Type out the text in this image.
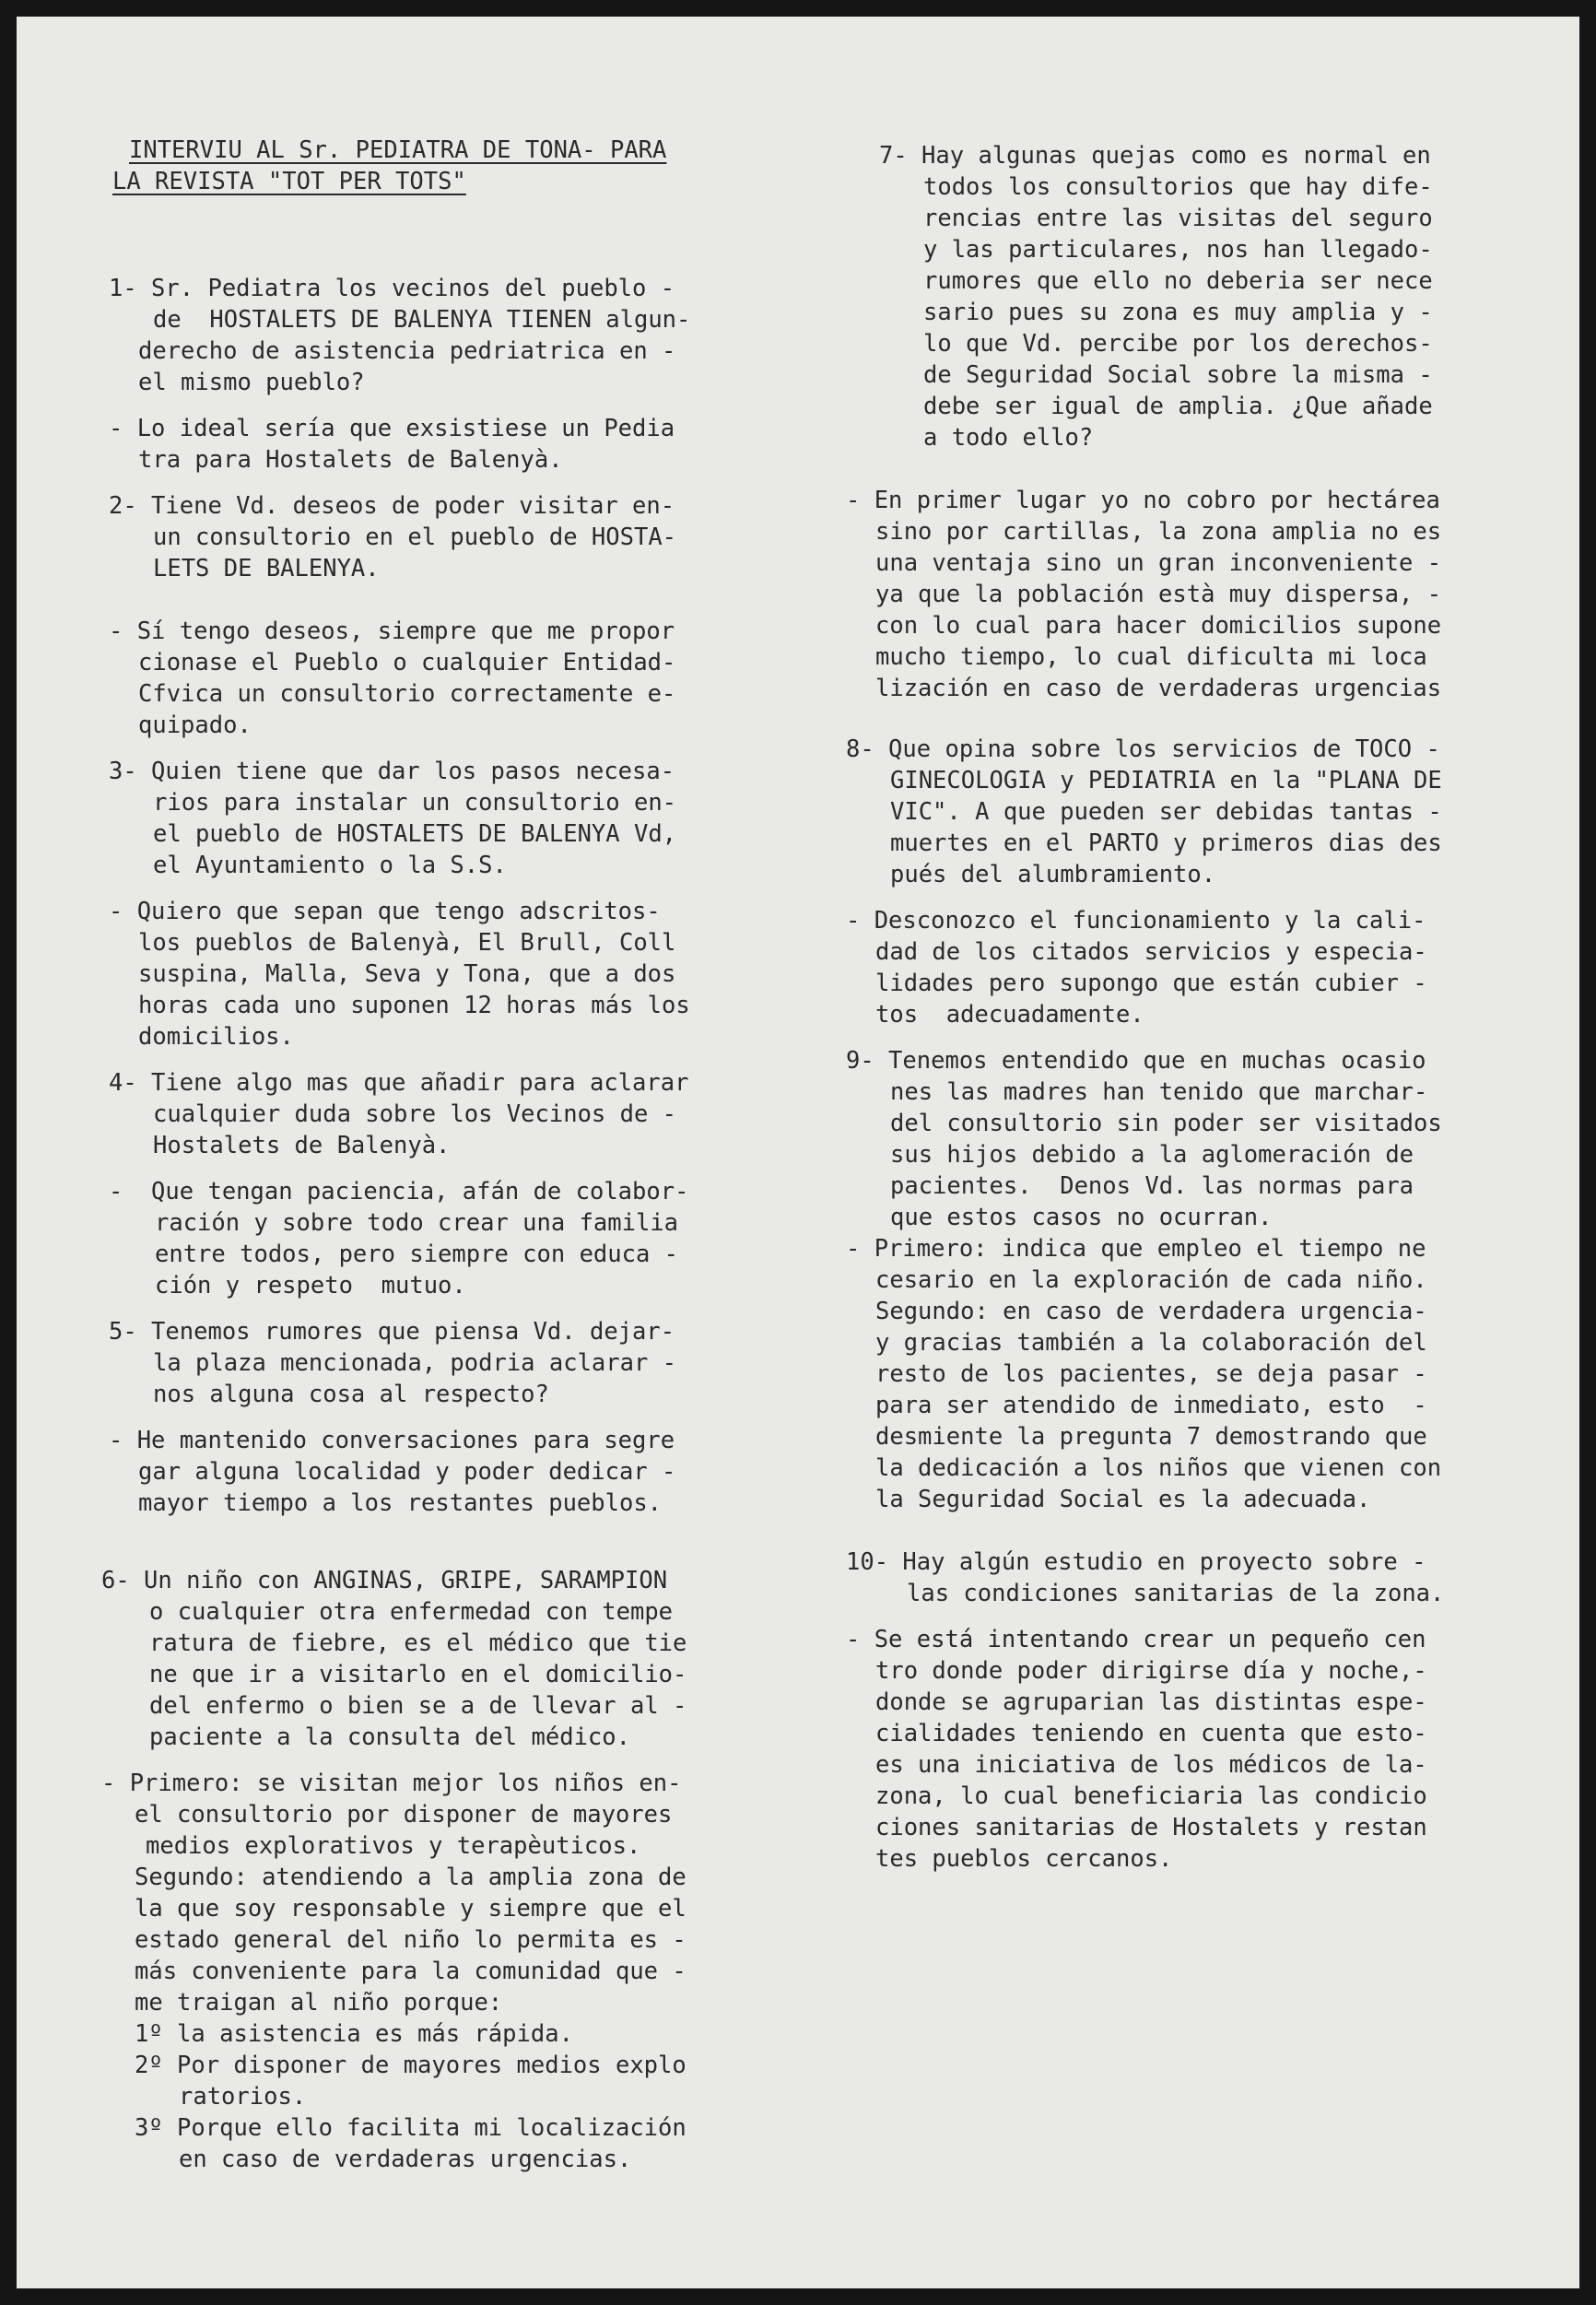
INTERVIU AL Sr. PEDIATRA DE TONA- PARA
LA REVISTA "TOT PER TOTS"
1- Sr. Pediatra los vecinos del pueblo -
de  HOSTALETS DE BALENYA TIENEN algun-
derecho de asistencia pedriatrica en -
el mismo pueblo?
- Lo ideal sería que exsistiese un Pedia
tra para Hostalets de Balenyà.
2- Tiene Vd. deseos de poder visitar en-
un consultorio en el pueblo de HOSTA-
LETS DE BALENYA.
- Sí tengo deseos, siempre que me propor
cionase el Pueblo o cualquier Entidad-
Cfvica un consultorio correctamente e-
quipado.
3- Quien tiene que dar los pasos necesa-
rios para instalar un consultorio en-
el pueblo de HOSTALETS DE BALENYA Vd,
el Ayuntamiento o la S.S.
- Quiero que sepan que tengo adscritos-
los pueblos de Balenyà, El Brull, Coll
suspina, Malla, Seva y Tona, que a dos
horas cada uno suponen 12 horas más los
domicilios.
4- Tiene algo mas que añadir para aclarar
cualquier duda sobre los Vecinos de -
Hostalets de Balenyà.
-  Que tengan paciencia, afán de colabor-
ración y sobre todo crear una familia
entre todos, pero siempre con educa -
ción y respeto  mutuo.
5- Tenemos rumores que piensa Vd. dejar-
la plaza mencionada, podria aclarar -
nos alguna cosa al respecto?
- He mantenido conversaciones para segre
gar alguna localidad y poder dedicar -
mayor tiempo a los restantes pueblos.
6- Un niño con ANGINAS, GRIPE, SARAMPION
o cualquier otra enfermedad con tempe
ratura de fiebre, es el médico que tie
ne que ir a visitarlo en el domicilio-
del enfermo o bien se a de llevar al -
paciente a la consulta del médico.
- Primero: se visitan mejor los niños en-
el consultorio por disponer de mayores
medios explorativos y terapèuticos.
Segundo: atendiendo a la amplia zona de
la que soy responsable y siempre que el
estado general del niño lo permita es -
más conveniente para la comunidad que -
me traigan al niño porque:
1º la asistencia es más rápida.
2º Por disponer de mayores medios explo
ratorios.
3º Porque ello facilita mi localización
en caso de verdaderas urgencias.
7- Hay algunas quejas como es normal en
todos los consultorios que hay dife-
rencias entre las visitas del seguro
y las particulares, nos han llegado-
rumores que ello no deberia ser nece
sario pues su zona es muy amplia y -
lo que Vd. percibe por los derechos-
de Seguridad Social sobre la misma -
debe ser igual de amplia. ¿Que añade
a todo ello?
- En primer lugar yo no cobro por hectárea
sino por cartillas, la zona amplia no es
una ventaja sino un gran inconveniente -
ya que la población està muy dispersa, -
con lo cual para hacer domicilios supone
mucho tiempo, lo cual dificulta mi loca
lización en caso de verdaderas urgencias
8- Que opina sobre los servicios de TOCO -
GINECOLOGIA y PEDIATRIA en la "PLANA DE
VIC". A que pueden ser debidas tantas -
muertes en el PARTO y primeros dias des
pués del alumbramiento.
- Desconozco el funcionamiento y la cali-
dad de los citados servicios y especia-
lidades pero supongo que están cubier -
tos  adecuadamente.
9- Tenemos entendido que en muchas ocasio
nes las madres han tenido que marchar-
del consultorio sin poder ser visitados
sus hijos debido a la aglomeración de
pacientes.  Denos Vd. las normas para
que estos casos no ocurran.
- Primero: indica que empleo el tiempo ne
cesario en la exploración de cada niño.
Segundo: en caso de verdadera urgencia-
y gracias también a la colaboración del
resto de los pacientes, se deja pasar -
para ser atendido de inmediato, esto  -
desmiente la pregunta 7 demostrando que
la dedicación a los niños que vienen con
la Seguridad Social es la adecuada.
10- Hay algún estudio en proyecto sobre -
las condiciones sanitarias de la zona.
- Se está intentando crear un pequeño cen
tro donde poder dirigirse día y noche,-
donde se agruparian las distintas espe-
cialidades teniendo en cuenta que esto-
es una iniciativa de los médicos de la-
zona, lo cual beneficiaria las condicio
ciones sanitarias de Hostalets y restan
tes pueblos cercanos.
